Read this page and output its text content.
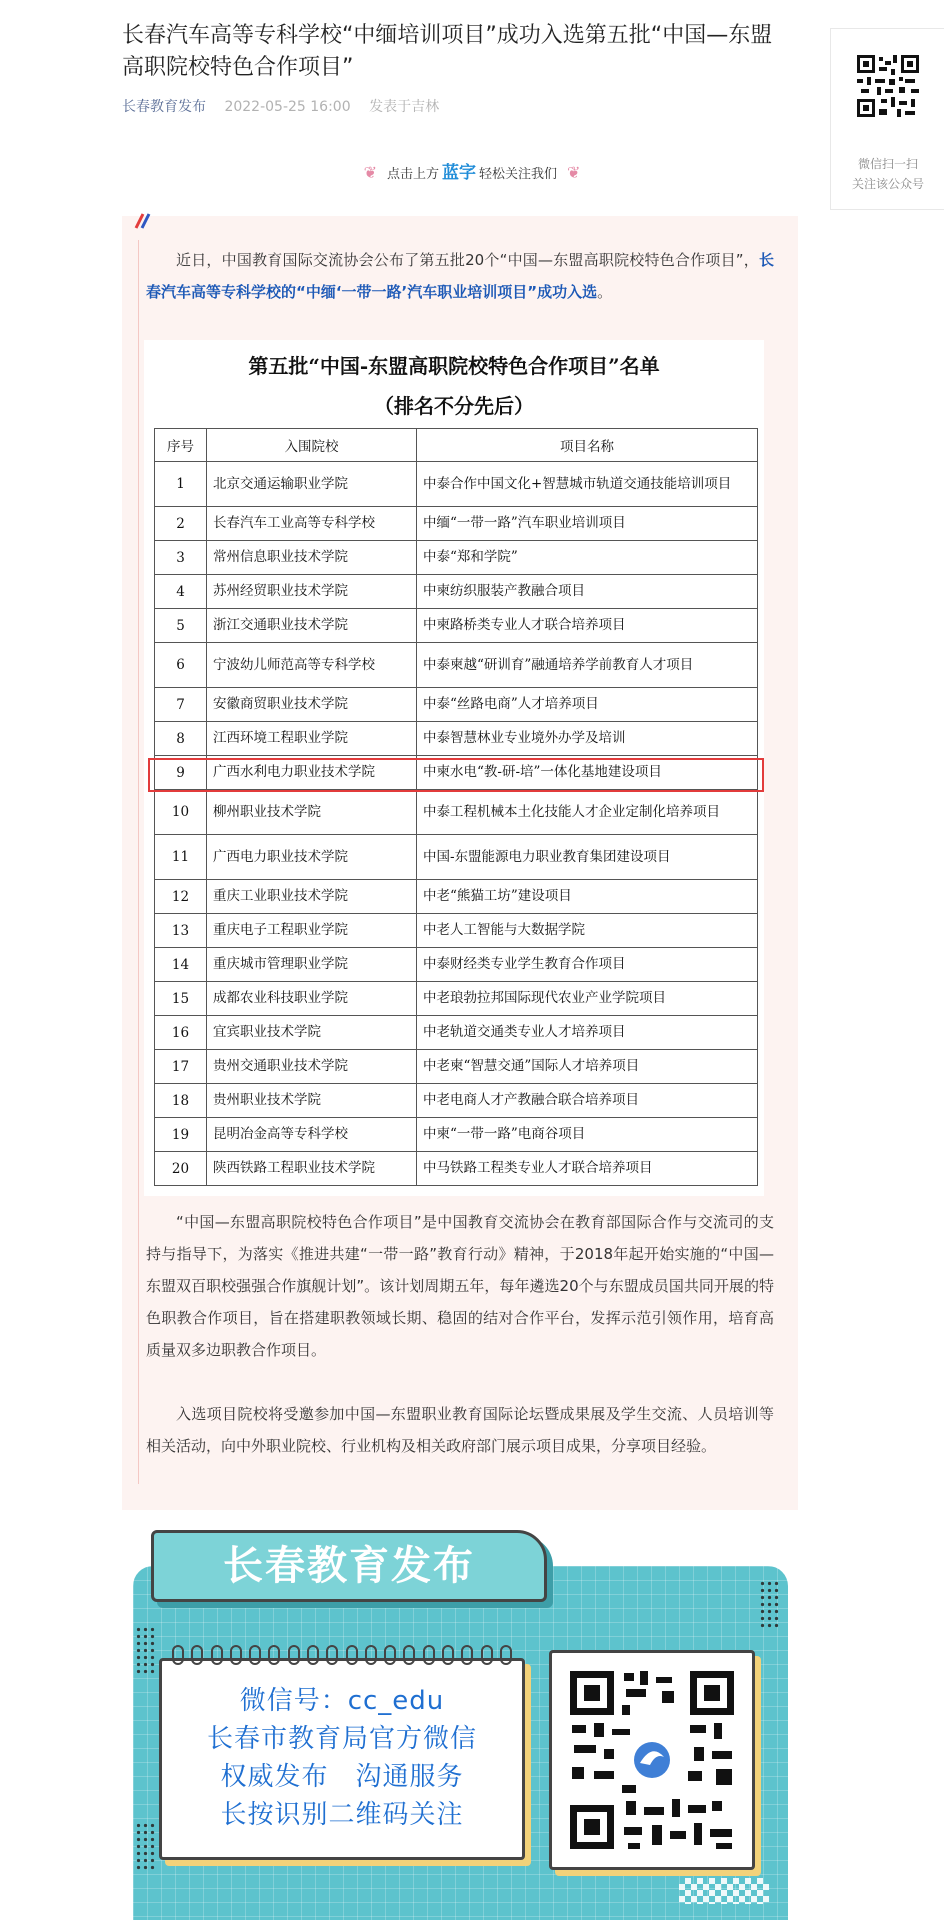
长春汽车高等专科学校“中缅培训项目”成功入选第五批“中国—东盟高职院校特色合作项目”
长春教育发布 2022-05-25 16:00 发表于吉林
微信扫一扫
关注该公众号
❦ 点击上方 蓝字 轻松关注我们 ❦

近日，中国教育国际交流协会公布了第五批20个“中国—东盟高职院校特色合作项目”，长春汽车高等专科学校的“中缅‘一带一路’汽车职业培训项目”成功入选。

第五批“中国-东盟高职院校特色合作项目”名单
（排名不分先后）
序号	入围院校	项目名称
1	北京交通运输职业学院	中泰合作中国文化+智慧城市轨道交通技能培训项目
2	长春汽车工业高等专科学校	中缅“一带一路”汽车职业培训项目
3	常州信息职业技术学院	中泰“郑和学院”
4	苏州经贸职业技术学院	中柬纺织服装产教融合项目
5	浙江交通职业技术学院	中柬路桥类专业人才联合培养项目
6	宁波幼儿师范高等专科学校	中泰柬越“研训育”融通培养学前教育人才项目
7	安徽商贸职业技术学院	中泰“丝路电商”人才培养项目
8	江西环境工程职业学院	中泰智慧林业专业境外办学及培训
9	广西水利电力职业技术学院	中柬水电“教-研-培”一体化基地建设项目
10	柳州职业技术学院	中泰工程机械本土化技能人才企业定制化培养项目
11	广西电力职业技术学院	中国-东盟能源电力职业教育集团建设项目
12	重庆工业职业技术学院	中老“熊猫工坊”建设项目
13	重庆电子工程职业学院	中老人工智能与大数据学院
14	重庆城市管理职业学院	中泰财经类专业学生教育合作项目
15	成都农业科技职业学院	中老琅勃拉邦国际现代农业产业学院项目
16	宜宾职业技术学院	中老轨道交通类专业人才培养项目
17	贵州交通职业技术学院	中老柬“智慧交通”国际人才培养项目
18	贵州职业技术学院	中老电商人才产教融合联合培养项目
19	昆明冶金高等专科学校	中柬“一带一路”电商谷项目
20	陕西铁路工程职业技术学院	中马铁路工程类专业人才联合培养项目

“中国—东盟高职院校特色合作项目”是中国教育交流协会在教育部国际合作与交流司的支持与指导下，为落实《推进共建“一带一路”教育行动》精神，于2018年起开始实施的“中国—东盟双百职校强强合作旗舰计划”。该计划周期五年，每年遴选20个与东盟成员国共同开展的特色职教合作项目，旨在搭建职教领域长期、稳固的结对合作平台，发挥示范引领作用，培育高质量双多边职教合作项目。

入选项目院校将受邀参加中国—东盟职业教育国际论坛暨成果展及学生交流、人员培训等相关活动，向中外职业院校、行业机构及相关政府部门展示项目成果，分享项目经验。

长春教育发布
微信号：cc_edu
长春市教育局官方微信
权威发布　沟通服务
长按识别二维码关注
